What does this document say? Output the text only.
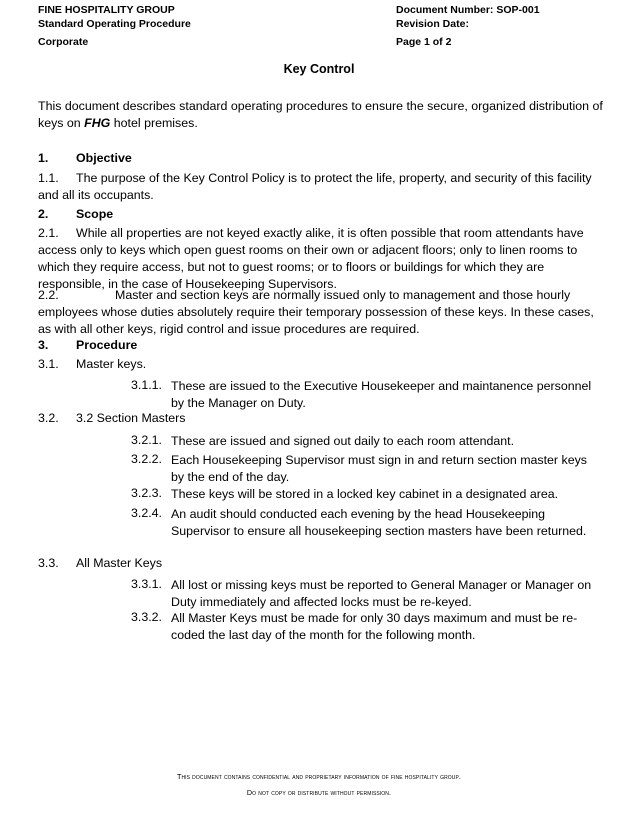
FINE HOSPITALITY GROUP
Standard Operating Procedure
Corporate
Document Number: SOP-001
Revision Date:
Page 1 of 2
Key Control
This document describes standard operating procedures to ensure the secure, organized distribution of keys on FHG hotel premises.
1. Objective
1.1. The purpose of the Key Control Policy is to protect the life, property, and security of this facility and all its occupants.
2. Scope
2.1. While all properties are not keyed exactly alike, it is often possible that room attendants have access only to keys which open guest rooms on their own or adjacent floors; only to linen rooms to which they require access, but not to guest rooms; or to floors or buildings for which they are responsible, in the case of Housekeeping Supervisors.
2.2.	Master and section keys are normally issued only to management and those hourly employees whose duties absolutely require their temporary possession of these keys. In these cases, as with all other keys, rigid control and issue procedures are required.
3. Procedure
3.1. Master keys.
3.1.1. These are issued to the Executive Housekeeper and maintanence personnel by the Manager on Duty.
3.2. 3.2 Section Masters
3.2.1. These are issued and signed out daily to each room attendant.
3.2.2. Each Housekeeping Supervisor must sign in and return section master keys by the end of the day.
3.2.3. These keys will be stored in a locked key cabinet in a designated area.
3.2.4. An audit should conducted each evening by the head Housekeeping Supervisor to ensure all housekeeping section masters have been returned.
3.3. All Master Keys
3.3.1. All lost or missing keys must be reported to General Manager or Manager on Duty immediately and affected locks must be re-keyed.
3.3.2. All Master Keys must be made for only 30 days maximum and must be re-coded the last day of the month for the following month.
This document contains confidential and proprietary information of fine hospitality group.
Do not copy or distribute without permission.
